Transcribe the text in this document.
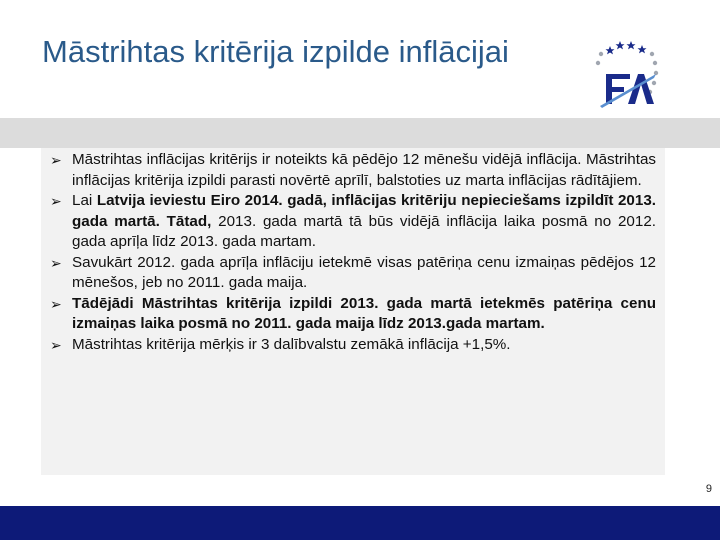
Māstrihtas kritērija izpilde inflācijai
➢ Māstrihtas inflācijas kritērijs ir noteikts kā pēdējo 12 mēnešu vidējā inflācija. Māstrihtas inflācijas kritērija izpildi parasti novērtē aprīlī, balstoties uz marta inflācijas rādītājiem.
➢ Lai Latvija ieviestu Eiro 2014. gadā, inflācijas kritēriju nepieciešams izpildīt 2013. gada martā. Tātad, 2013. gada martā tā būs vidējā inflācija laika posmā no 2012. gada aprīļa līdz 2013. gada martam.
➢ Savukārt 2012. gada aprīļa inflāciju ietekmē visas patēriņa cenu izmaiņas pēdējos 12 mēnešos, jeb no 2011. gada maija.
➢ Tādējādi Māstrihtas kritērija izpildi 2013. gada martā ietekmēs patēriņa cenu izmaiņas laika posmā no 2011. gada maija līdz 2013.gada martam.
➢ Māstrihtas kritērija mērķis ir 3 dalībvalstu zemākā inflācija +1,5%.
9
